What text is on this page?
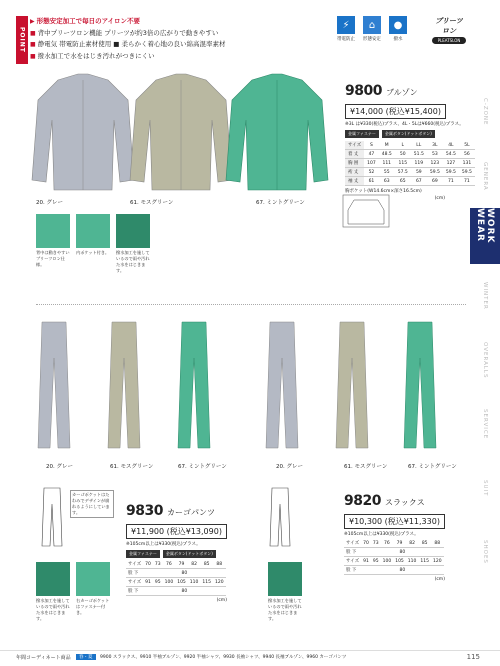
POINT
▶ 形態安定加工で毎日のアイロン不要
■ 背中プリーツロン機能 プリーツが約3倍の広がりで動きやすい
■ 静電気 帯電防止素材使用 ■ 柔らかく着心地の良い綿高混率素材
■ 撥水加工で水をはじき汚れがつきにくい
⚡
帯電防止
⌂
形態安定
●
撥水
プリーツロン
PLEATSLON
C-ZONE
GENERA
WORK WEAR
WINTER
OVERALLS
SERVICE
SUIT
SHOES
20. グレー	61. モスグリーン	67. ミントグリーン
9800 ブルゾン
¥14,000 (税込¥15,400)
※3L は¥330(税込)プラス、4L・5Lは¥660(税込)プラス。
金属ファスナー	金属ボタン(ドットボタン)
サイズ	S	M	L	LL	3L	4L	5L
着 丈	47	48.5	50	51.5	53	54.5	56
胸 囲	107	111	115	119	123	127	131
裄 丈	52	55	57.5	59	59.5	59.5	59.5
袖 丈	61	63	65	67	69	71	71
胸ポケット(W14.6cm×深さ16.5cm)
(cm)
背中は動きやすいプリーツロン仕様。
内ポケット付き。 撥水加工を施しているので雨や汚れた水をはじきます。
20. グレー	61. モスグリーン	67. ミントグリーン	20. グレー	61. モスグリーン	67. ミントグリーン
カーゴポケットはたわみでデザインが崩れるようにしています。	9830 カーゴパンツ
¥11,900 (税込¥13,090)
※105cm以上は¥330(税込)プラス。
金属ファスナー	金属ボタン(ドットボタン)
サイズ	70	73	76	79	82	85	88
股 下	80						
サイズ	91	95	100	105	110	115	120
股 下	80						
(cm)
撥水加工を施しているので雨や汚れた水をはじきます。
右カーゴポケットはファスナー付き。
9820 スラックス
¥10,300 (税込¥11,330)
※105cm以上は¥330(税込)プラス。
サイズ	70	73	76	79	82	85	88
股 下	80						
サイズ	91	95	100	105	110	115	120
股 下	80						
(cm)
撥水加工を施しているので雨や汚れた水をはじきます。
年間コーディネート商品	春・夏	9900 スラックス、9910 半袖ブルゾン、9920 半袖シャツ、9930 長袖シャツ、9940 長袖ブルゾン、9960 カーゴパンツ	115
